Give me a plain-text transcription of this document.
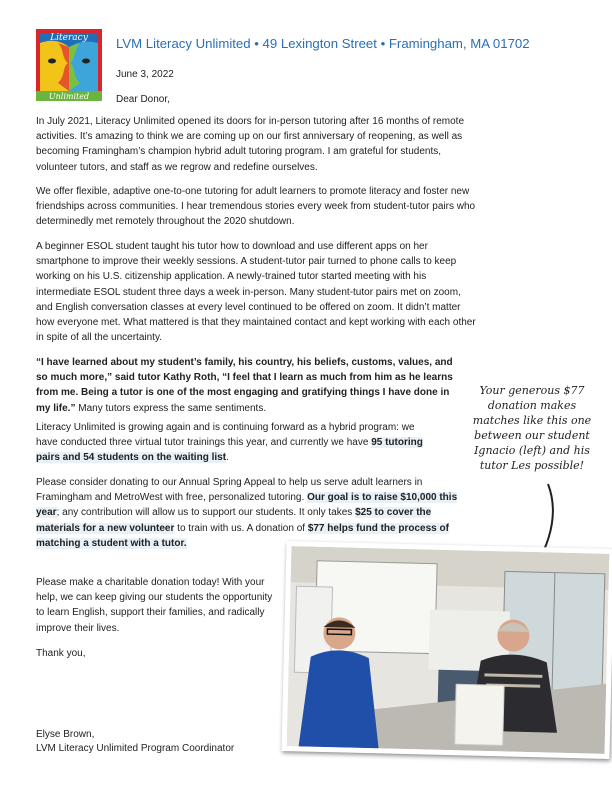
Literacy
Unlimited
LVM Literacy Unlimited • 49 Lexington Street • Framingham, MA 01702
June 3, 2022
Dear Donor,

In July 2021, Literacy Unlimited opened its doors for in-person tutoring after 16 months of remote activities. It’s amazing to think we are coming up on our first anniversary of reopening, as well as becoming Framingham’s champion hybrid adult tutoring program. I am grateful for students, volunteer tutors, and staff as we regrow and redefine ourselves.

We offer flexible, adaptive one-to-one tutoring for adult learners to promote literacy and foster new friendships across communities. I hear tremendous stories every week from student-tutor pairs who determinedly met remotely throughout the 2020 shutdown.

A beginner ESOL student taught his tutor how to download and use different apps on her smartphone to improve their weekly sessions. A student-tutor pair turned to phone calls to keep working on his U.S. citizenship application. A newly-trained tutor started meeting with his intermediate ESOL student three days a week in-person. Many student-tutor pairs met on zoom, and English conversation classes at every level continued to be offered on zoom. It didn’t matter how everyone met. What mattered is that they maintained contact and kept working with each other in spite of all the uncertainty.

“I have learned about my student’s family, his country, his beliefs, customs, values, and so much more,” said tutor Kathy Roth, “I feel that I learn as much from him as he learns from me. Being a tutor is one of the most engaging and gratifying things I have done in my life.” Many tutors express the same sentiments.

Literacy Unlimited is growing again and is continuing forward as a hybrid program: we have conducted three virtual tutor trainings this year, and currently we have 95 tutoring pairs and 54 students on the waiting list.

Please consider donating to our Annual Spring Appeal to help us serve adult learners in Framingham and MetroWest with free, personalized tutoring. Our goal is to raise $10,000 this year; any contribution will allow us to support our students. It only takes $25 to cover the materials for a new volunteer to train with us. A donation of $77 helps fund the process of matching a student with a tutor.

Please make a charitable donation today! With your help, we can keep giving our students the opportunity to learn English, support their families, and radically improve their lives.

Thank you,
Your generous $77 donation makes matches like this one between our student Ignacio (left) and his tutor Les possible!
Elyse Brown,
LVM Literacy Unlimited Program Coordinator
